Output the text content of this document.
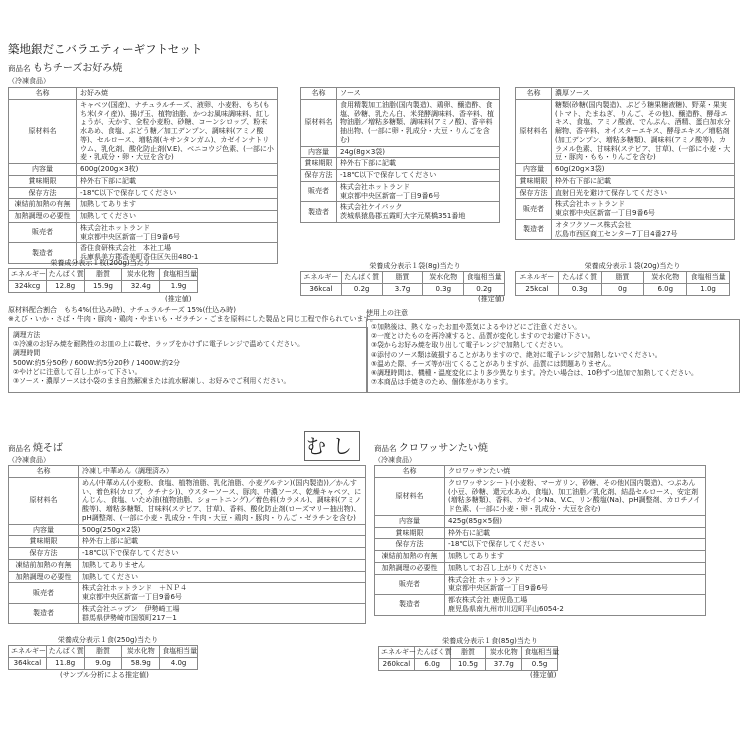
築地銀だこバラエティーギフトセット
商品名 もちチーズお好み焼
（冷凍食品）
名称	お好み焼
原材料名	キャベツ(国産)、ナチュラルチーズ、液卵、小麦粉、もち(もち米(タイ産))、揚げ玉、植物油脂、かつお風味調味料、紅しょうが、天かす、全粒小麦粉、砂糖、コーンシロップ、粉末水あめ、食塩、ぶどう糖／加工デンプン、調味料(アミノ酸等)、セルロース、増粘剤(キサンタンガム)、カゼインナトリウム、乳化剤、酸化防止剤(V.E)、ベニコウジ色素、(一部に小麦・乳成分・卵・大豆を含む)
内容量	600g(200g×3枚)
賞味期限	枠外右下部に記載
保存方法	-18℃以下で保存してください
凍結前加熱の有無	加熱してあります
加熱調理の必要性	加熱してください
販売者	株式会社ホットランド
東京都中央区新富一丁目9番6号
製造者	香住食研株式会社　本社工場
兵庫県美方郡香美町香住区矢田480-1
栄養成分表示１枚(200g)当たり
エネルギー	たんぱく質	脂質	炭水化物	食塩相当量
324kcg	12.8g	15.9g	32.4g	1.9g
(推定値)
名称	ソース
原材料名	食用精製加工油脂(国内製造)、鶏卵、醸造酢、食塩、砂糖、乳たん白、米発酵調味料、香辛料、植物油脂／増粘多糖類、調味料(アミノ酸)、香辛料抽出物、(一部に卵・乳成分・大豆・りんごを含む)
内容量	24g(8g×3袋)
賞味期限	枠外右下部に記載
保存方法	-18℃以下で保存してください
販売者	株式会社ホットランド
東京都中央区新富一丁目9番6号
製造者	株式会社ケイパック
茨城県猿島郡五霞町大字元栗橋351番地
栄養成分表示１袋(8g)当たり
エネルギー	たんぱく質	脂質	炭水化物	食塩相当量
36kcal	0.2g	3.7g	0.3g	0.2g
(推定値)
名称	濃厚ソース
原材料名	糖類(砂糖(国内製造)、ぶどう糖果糖液糖)、野菜・果実(トマト、たまねぎ、りんご、その他)、醸造酢、酵母エキス、食塩、アミノ酸液、でんぷん、酒精、蛋白加水分解物、香辛料、オイスターエキス、酵母エキス／増粘剤(加工デンプン、増粘多糖類)、調味料(アミノ酸等)、カラメル色素、甘味料(ステビア、甘草)、(一部に小麦・大豆・豚肉・もも・りんごを含む)
内容量	60g(20g×3袋)
賞味期限	枠外右下部に記載
保存方法	直射日光を避けて保存してください
販売者	株式会社ホットランド
東京都中央区新富一丁目9番6号
製造者	オタフクソース株式会社
広島市西区商工センター7丁目4番27号
栄養成分表示１袋(20g)当たり
エネルギー	たんぱく質	脂質	炭水化物	食塩相当量
25kcal	0.3g	0g	6.0g	1.0g
原材料配合割合　もち4%(仕込み時)、ナチュラルチーズ 15%(仕込み時)
※えび・いか・さば・牛肉・豚肉・鶏肉・やまいも・ゼラチン・ごまを原料にした製品と同じ工程で作られています。
調理方法
①冷凍のお好み焼を耐熱性のお皿の上に載せ、ラップをかけずに電子レンジで温めてください。
調理時間
500W:約5分50秒 / 600W:約5分20秒 / 1400W:約2分
②やけどに注意して召し上がって下さい。
③ソース・濃厚ソースは小袋のまま自然解凍または流水解凍し、お好みでご利用ください。
使用上の注意
①加熱後は、熱くなったお皿や蒸気によるやけどにご注意ください。
②一度とけたものを再冷凍すると、品質が変化しますのでお避け下さい。
③袋からお好み焼を取り出して電子レンジで加熱してください。
④添付のソース類は破損することがありますので、絶対に電子レンジで加熱しないでください。
⑤温めた際、チーズ等が出てくることがありますが、品質には問題ありません。
⑥調理時間は、機種・温度変化により多少異なります。冷たい場合は、10秒ずつ追加で加熱してください。
⑦本商品は手焼きのため、個体差があります。
商品名 焼そば
（冷凍食品）
名称	冷凍し中華めん（調理済み）
原材料名	めん(中華めん(小麦粉、食塩、植物油脂、乳化油脂、小麦グルテン)(国内製造))／かんすい、着色料(カロブ、クチナシ))、ウスターソース、豚肉、中濃ソース、乾燥キャベツ、にんじん、食塩、いため油(植物油脂、ショートニング)／着色料(カラメル)、調味料(アミノ酸等)、増粘多糖類、甘味料(ステビア、甘草)、香料、酸化防止剤(ローズマリー抽出物)、pH調整剤、(一部に小麦・乳成分・牛肉・大豆・鶏肉・豚肉・りんご・ゼラチンを含む)
内容量	500g(250g×2袋)
賞味期限	枠外右上部に記載
保存方法	-18℃以下で保存してください
凍結前加熱の有無	加熱してありません
加熱調理の必要性	加熱してください
販売者	株式会社ホットランド　＋ＮＰ４
東京都中央区新富一丁目9番6号
製造者	株式会社ニップン　伊勢崎工場
群馬県伊勢崎市国領町217－1
栄養成分表示１食(250g)当たり
エネルギー	たんぱく質	脂質	炭水化物	食塩相当量
364kcal	11.8g	9.0g	58.9g	4.0g
(サンプル分析による推定値)
むし 商品名 クロワッサンたい焼
（冷凍食品）
名称	クロワッサンたい焼
原材料名	クロワッサンシート(小麦粉、マーガリン、砂糖、その他)(国内製造)、つぶあん(小豆、砂糖、還元水あめ、食塩)、加工油脂／乳化剤、結晶セルロース、安定剤(増粘多糖類)、香料、カゼインNa、V.C、リン酸塩(Na)、pH調整剤、カロチノイド色素、(一部に小麦・卵・乳成分・大豆を含む)
内容量	425g(85g×5個)
賞味期限	枠外右に記載
保存方法	-18℃以下で保存してください
凍結前加熱の有無	加熱してあります
加熱調理の必要性	加熱してお召し上がりください
販売者	株式会社 ホットランド
東京都中央区新富一丁目9番6号
製造者	都农株式会社 鹿児島工場
鹿児島県南九州市川辺町平山6054-2
栄養成分表示１食(85g)当たり
エネルギー	たんぱく質	脂質	炭水化物	食塩相当量
260kcal	6.0g	10.5g	37.7g	0.5g
(推定値)
